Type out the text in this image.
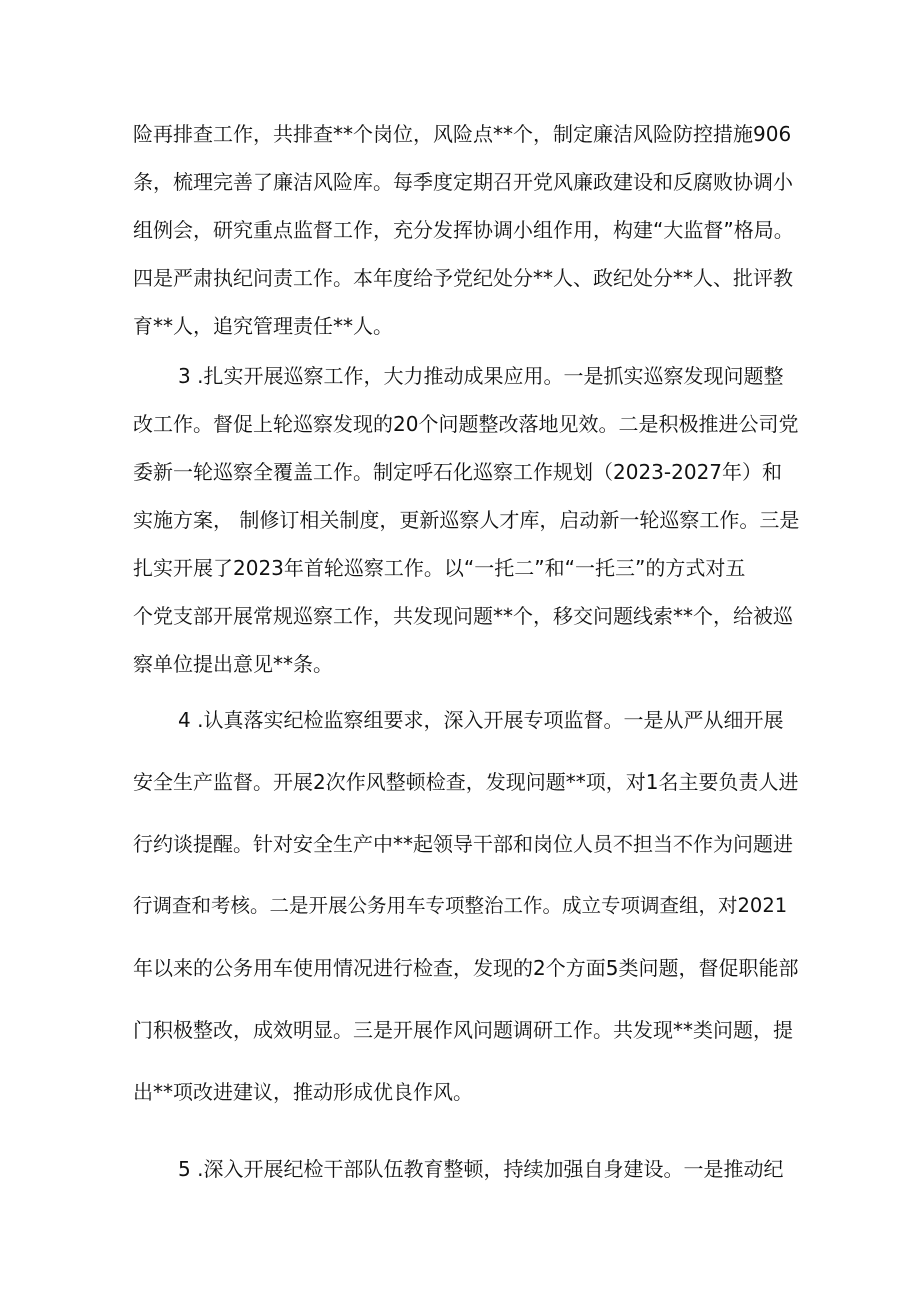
险再排查工作，共排查**个岗位，风险点**个，制定廉洁风险防控措施906
条，梳理完善了廉洁风险库。每季度定期召开党风廉政建设和反腐败协调小
组例会，研究重点监督工作，充分发挥协调小组作用，构建“大监督”格局。
四是严肃执纪问责工作。本年度给予党纪处分**人、政纪处分**人、批评教
育**人，追究管理责任**人。
3 .扎实开展巡察工作，大力推动成果应用。一是抓实巡察发现问题整
改工作。督促上轮巡察发现的20个问题整改落地见效。二是积极推进公司党
委新一轮巡察全覆盖工作。制定呼石化巡察工作规划（2023-2027年）和
实施方案， 制修订相关制度，更新巡察人才库，启动新一轮巡察工作。三是
扎实开展了2023年首轮巡察工作。以“一托二”和“一托三”的方式对五
个党支部开展常规巡察工作，共发现问题**个，移交问题线索**个，给被巡
察单位提出意见**条。
4 .认真落实纪检监察组要求，深入开展专项监督。一是从严从细开展
安全生产监督。开展2次作风整顿检查，发现问题**项，对1名主要负责人进
行约谈提醒。针对安全生产中**起领导干部和岗位人员不担当不作为问题进
行调查和考核。二是开展公务用车专项整治工作。成立专项调查组，对2021
年以来的公务用车使用情况进行检查，发现的2个方面5类问题，督促职能部
门积极整改，成效明显。三是开展作风问题调研工作。共发现**类问题，提
出**项改进建议，推动形成优良作风。
5 .深入开展纪检干部队伍教育整顿，持续加强自身建设。一是推动纪
